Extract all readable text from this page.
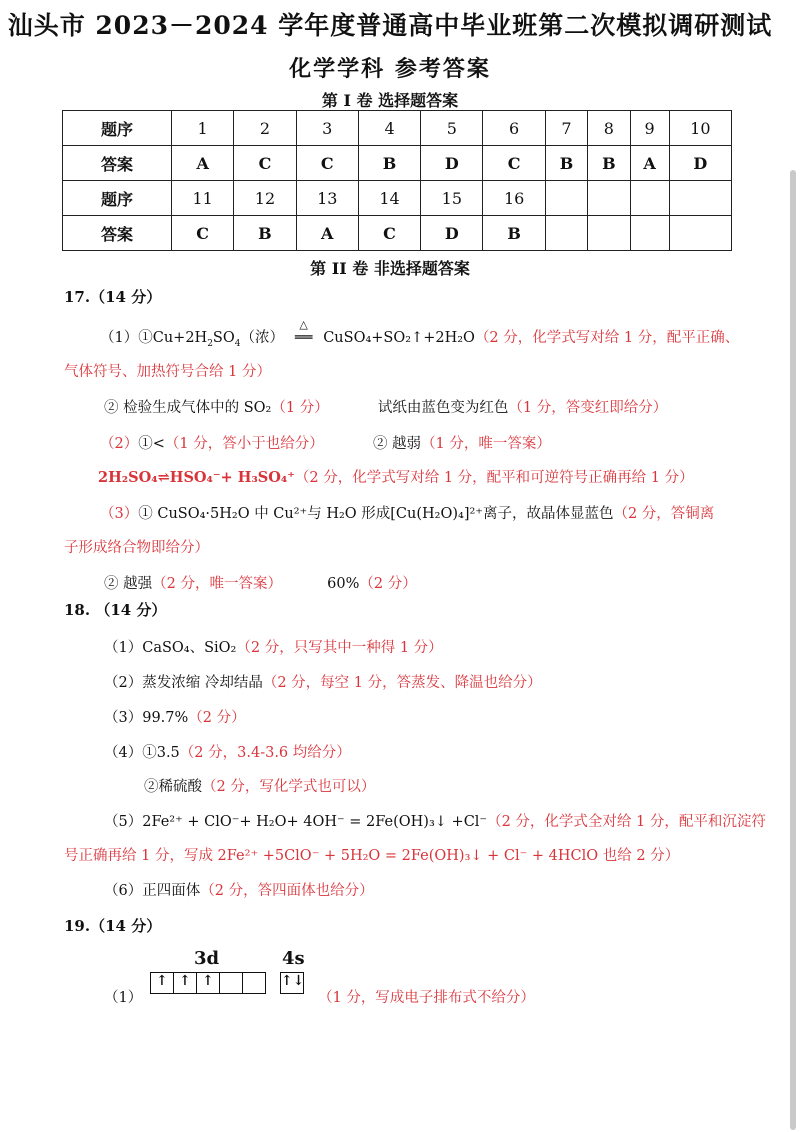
汕头市 2023－2024 学年度普通高中毕业班第二次模拟调研测试
化学学科 参考答案
第 I 卷 选择题答案
题序	1	2	3	4	5	6	7	8	9	10
答案	A	C	C	B	D	C	B	B	A	D
题序	11	12	13	14	15	16				
答案	C	B	A	C	D	B				
第 II 卷 非选择题答案
17.（14 分）
$(1)①Cu+2H_2SO_4$（浓）
△
══ CuSO₄+SO₂↑+2H₂O（2 分，化学式写对给 1 分，配平正确、
气体符号、加热符号合给 1 分）
② 检验生成气体中的 SO₂（1 分）	试纸由蓝色变为红色（1 分，答变红即给分）
（2）①<（1 分，答小于也给分）	② 越弱（1 分，唯一答案）
2H₂SO₄⇌HSO₄⁻+ H₃SO₄⁺（2 分，化学式写对给 1 分，配平和可逆符号正确再给 1 分）
（3）① CuSO₄·5H₂O 中 Cu²⁺与 H₂O 形成[Cu(H₂O)₄]²⁺离子，故晶体显蓝色（2 分，答铜离
子形成络合物即给分）
② 越强（2 分，唯一答案）	60%（2 分）
18. （14 分）
（1）CaSO₄、SiO₂（2 分，只写其中一种得 1 分）
（2）蒸发浓缩 冷却结晶（2 分，每空 1 分，答蒸发、降温也给分）
（3）99.7%（2 分）
（4）①3.5（2 分，3.4-3.6 均给分）
②稀硫酸（2 分，写化学式也可以）
（5）2Fe²⁺ + ClO⁻+ H₂O+ 4OH⁻ = 2Fe(OH)₃↓ +Cl⁻（2 分，化学式全对给 1 分，配平和沉淀符
号正确再给 1 分，写成 2Fe²⁺ +5ClO⁻ + 5H₂O = 2Fe(OH)₃↓ + Cl⁻ + 4HClO 也给 2 分）
（6）正四面体（2 分，答四面体也给分）
19.（14 分）
（1）
3d	4s
↑ ↑ ↑	↑↓
（1 分，写成电子排布式不给分）
